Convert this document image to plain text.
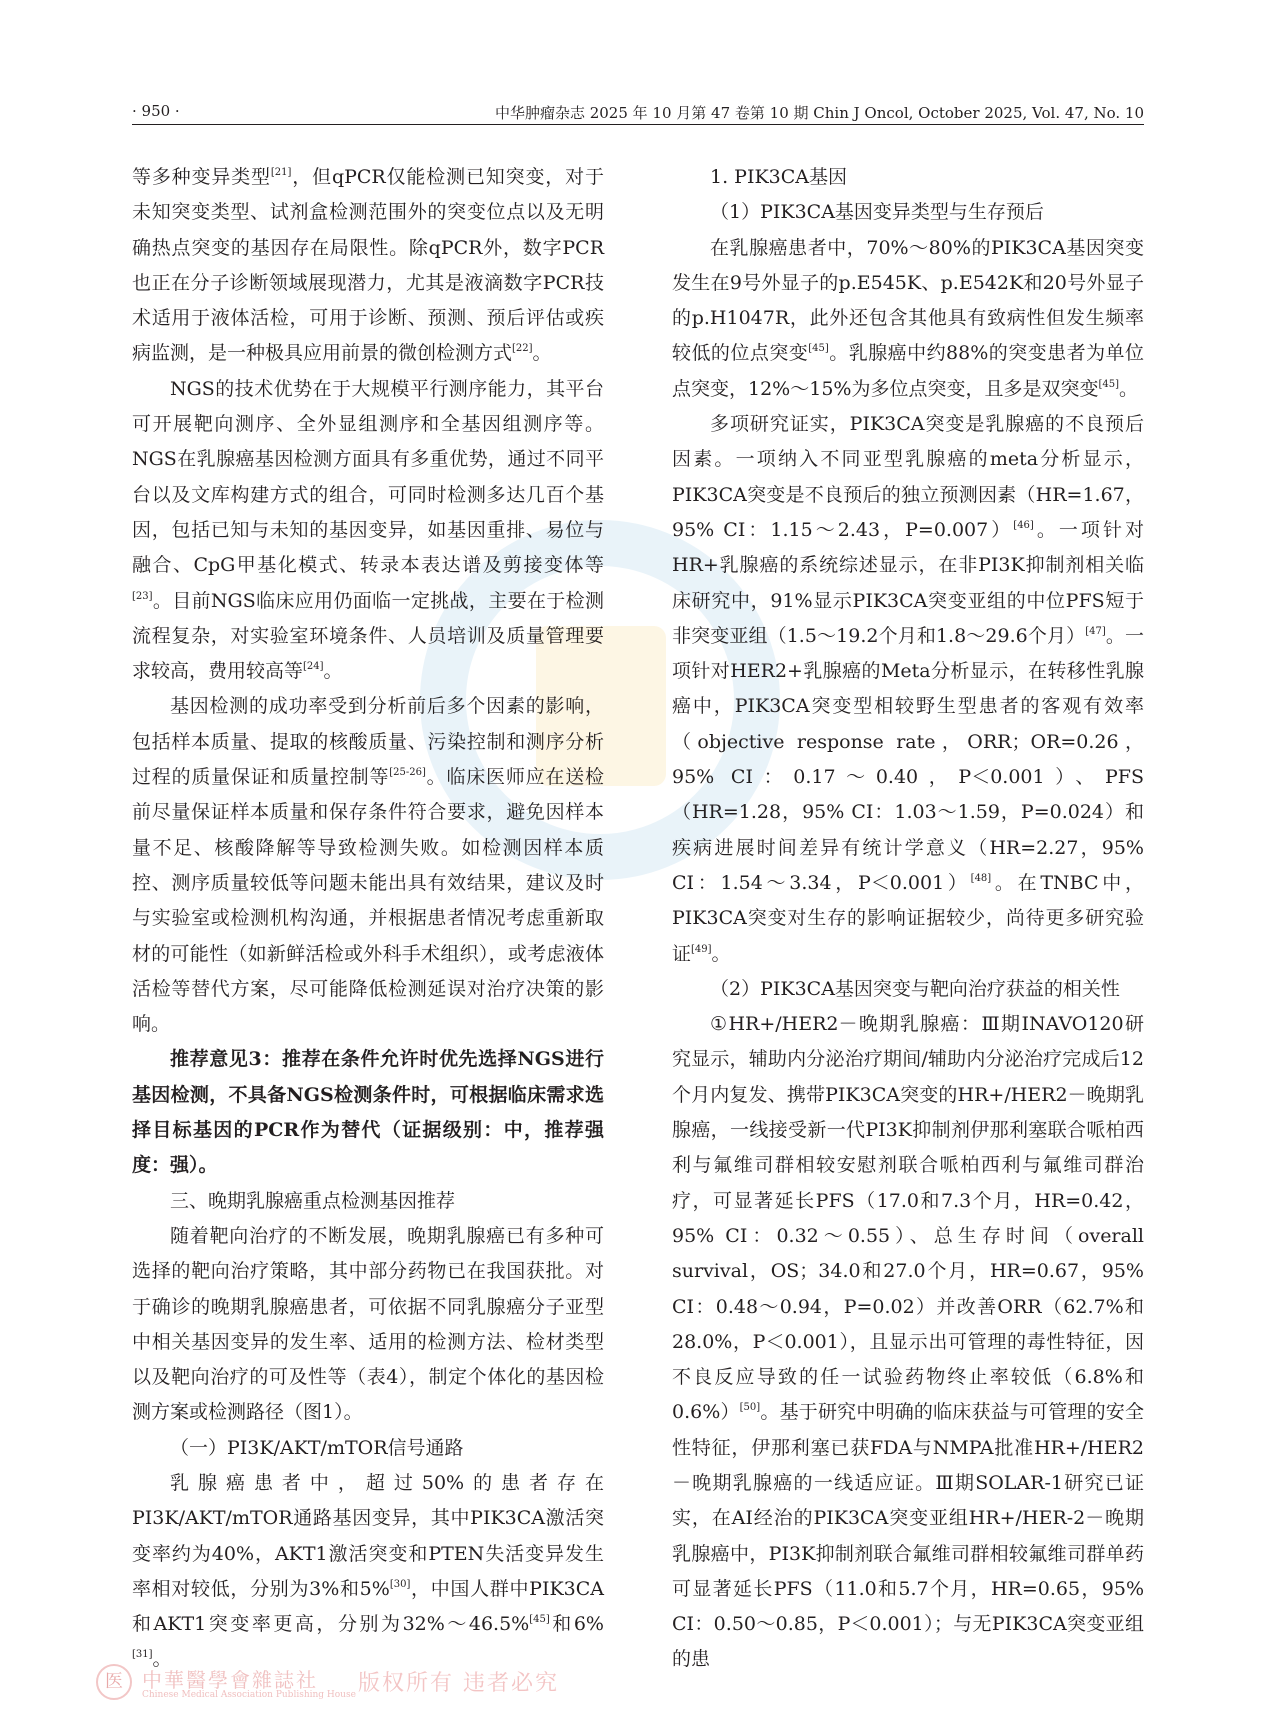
· 950 ·	中华肿瘤杂志 2025 年 10 月第 47 卷第 10 期 Chin J Oncol, October 2025, Vol. 47, No. 10

等多种变异类型[21]，但qPCR仅能检测已知突变，对于未知突变类型、试剂盒检测范围外的突变位点以及无明确热点突变的基因存在局限性。除qPCR外，数字PCR也正在分子诊断领域展现潜力，尤其是液滴数字PCR技术适用于液体活检，可用于诊断、预测、预后评估或疾病监测，是一种极具应用前景的微创检测方式[22]。

NGS的技术优势在于大规模平行测序能力，其平台可开展靶向测序、全外显组测序和全基因组测序等。NGS在乳腺癌基因检测方面具有多重优势，通过不同平台以及文库构建方式的组合，可同时检测多达几百个基因，包括已知与未知的基因变异，如基因重排、易位与融合、CpG甲基化模式、转录本表达谱及剪接变体等[23]。目前NGS临床应用仍面临一定挑战，主要在于检测流程复杂，对实验室环境条件、人员培训及质量管理要求较高，费用较高等[24]。

基因检测的成功率受到分析前后多个因素的影响，包括样本质量、提取的核酸质量、污染控制和测序分析过程的质量保证和质量控制等[25-26]。临床医师应在送检前尽量保证样本质量和保存条件符合要求，避免因样本量不足、核酸降解等导致检测失败。如检测因样本质控、测序质量较低等问题未能出具有效结果，建议及时与实验室或检测机构沟通，并根据患者情况考虑重新取材的可能性（如新鲜活检或外科手术组织），或考虑液体活检等替代方案，尽可能降低检测延误对治疗决策的影响。

推荐意见3：推荐在条件允许时优先选择NGS进行基因检测，不具备NGS检测条件时，可根据临床需求选择目标基因的PCR作为替代（证据级别：中，推荐强度：强）。

三、晚期乳腺癌重点检测基因推荐

随着靶向治疗的不断发展，晚期乳腺癌已有多种可选择的靶向治疗策略，其中部分药物已在我国获批。对于确诊的晚期乳腺癌患者，可依据不同乳腺癌分子亚型中相关基因变异的发生率、适用的检测方法、检材类型以及靶向治疗的可及性等（表4），制定个体化的基因检测方案或检测路径（图1）。

（一）PI3K/AKT/mTOR信号通路

乳腺癌患者中，超过50%的患者存在PI3K/AKT/mTOR通路基因变异，其中PIK3CA激活突变率约为40%，AKT1激活突变和PTEN失活变异发生率相对较低，分别为3%和5%[30]，中国人群中PIK3CA和AKT1突变率更高，分别为32%～46.5%[45]和6%[31]。

1. PIK3CA基因

（1）PIK3CA基因变异类型与生存预后

在乳腺癌患者中，70%～80%的PIK3CA基因突变发生在9号外显子的p.E545K、p.E542K和20号外显子的p.H1047R，此外还包含其他具有致病性但发生频率较低的位点突变[45]。乳腺癌中约88%的突变患者为单位点突变，12%～15%为多位点突变，且多是双突变[45]。

多项研究证实，PIK3CA突变是乳腺癌的不良预后因素。一项纳入不同亚型乳腺癌的meta分析显示，PIK3CA突变是不良预后的独立预测因素（HR=1.67，95% CI：1.15～2.43，P=0.007）[46]。一项针对HR+乳腺癌的系统综述显示，在非PI3K抑制剂相关临床研究中，91%显示PIK3CA突变亚组的中位PFS短于非突变亚组（1.5～19.2个月和1.8～29.6个月）[47]。一项针对HER2+乳腺癌的Meta分析显示，在转移性乳腺癌中，PIK3CA突变型相较野生型患者的客观有效率（objective response rate，ORR；OR=0.26，95% CI：0.17～0.40，P＜0.001）、PFS（HR=1.28，95% CI：1.03～1.59，P=0.024）和疾病进展时间差异有统计学意义（HR=2.27，95% CI：1.54～3.34，P＜0.001）[48]。在TNBC中，PIK3CA突变对生存的影响证据较少，尚待更多研究验证[49]。

（2）PIK3CA基因突变与靶向治疗获益的相关性

①HR+/HER2－晚期乳腺癌：Ⅲ期INAVO120研究显示，辅助内分泌治疗期间/辅助内分泌治疗完成后12个月内复发、携带PIK3CA突变的HR+/HER2－晚期乳腺癌，一线接受新一代PI3K抑制剂伊那利塞联合哌柏西利与氟维司群相较安慰剂联合哌柏西利与氟维司群治疗，可显著延长PFS（17.0和7.3个月，HR=0.42，95% CI：0.32～0.55）、总生存时间（overall survival，OS；34.0和27.0个月，HR=0.67，95% CI：0.48～0.94，P=0.02）并改善ORR（62.7%和28.0%，P＜0.001），且显示出可管理的毒性特征，因不良反应导致的任一试验药物终止率较低（6.8%和0.6%）[50]。基于研究中明确的临床获益与可管理的安全性特征，伊那利塞已获FDA与NMPA批准HR+/HER2－晚期乳腺癌的一线适应证。Ⅲ期SOLAR-1研究已证实，在AI经治的PIK3CA突变亚组HR+/HER-2－晚期乳腺癌中，PI3K抑制剂联合氟维司群相较氟维司群单药可显著延长PFS（11.0和5.7个月，HR=0.65，95% CI：0.50～0.85，P＜0.001）；与无PIK3CA突变亚组的患

医 中華醫學會雜誌社
Chinese Medical Association Publishing House 版权所有 违者必究
